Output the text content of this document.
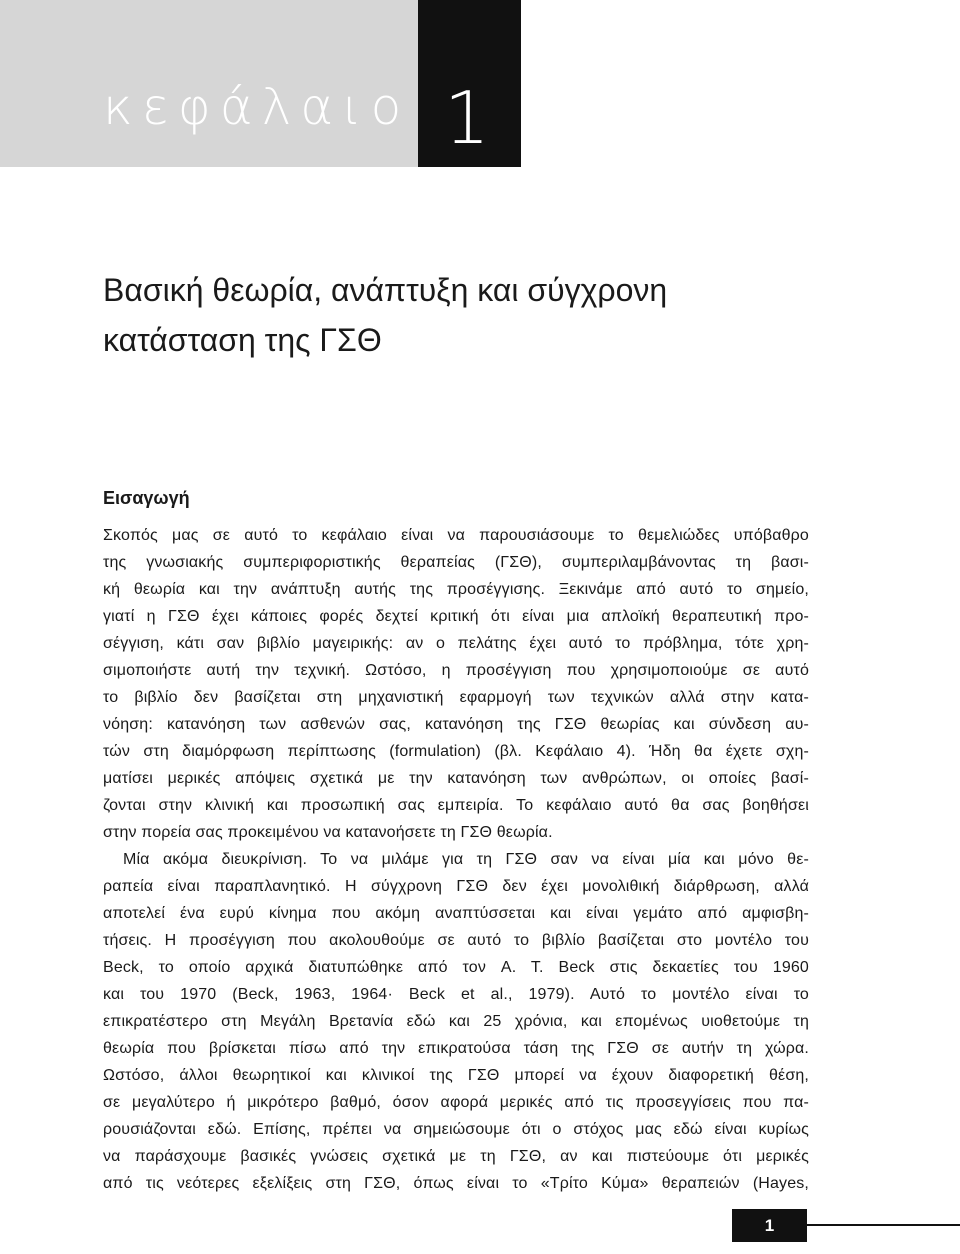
κεφάλαιο 1
Βασική θεωρία, ανάπτυξη και σύγχρονη
κατάσταση της ΓΣΘ
Εισαγωγή
Σκοπός μας σε αυτό το κεφάλαιο είναι να παρουσιάσουμε το θεμελιώδες υπόβαθρο
της γνωσιακής συμπεριφοριστικής θεραπείας (ΓΣΘ), συμπεριλαμβάνοντας τη βασι-
κή θεωρία και την ανάπτυξη αυτής της προσέγγισης. Ξεκινάμε από αυτό το σημείο,
γιατί η ΓΣΘ έχει κάποιες φορές δεχτεί κριτική ότι είναι μια απλοϊκή θεραπευτική προ-
σέγγιση, κάτι σαν βιβλίο μαγειρικής: αν ο πελάτης έχει αυτό το πρόβλημα, τότε χρη-
σιμοποιήστε αυτή την τεχνική. Ωστόσο, η προσέγγιση που χρησιμοποιούμε σε αυτό
το βιβλίο δεν βασίζεται στη μηχανιστική εφαρμογή των τεχνικών αλλά στην κατα-
νόηση: κατανόηση των ασθενών σας, κατανόηση της ΓΣΘ θεωρίας και σύνδεση αυ-
τών στη διαμόρφωση περίπτωσης (formulation) (βλ. Κεφάλαιο 4). Ήδη θα έχετε σχη-
ματίσει μερικές απόψεις σχετικά με την κατανόηση των ανθρώπων, οι οποίες βασί-
ζονται στην κλινική και προσωπική σας εμπειρία. Το κεφάλαιο αυτό θα σας βοηθήσει
στην πορεία σας προκειμένου να κατανοήσετε τη ΓΣΘ θεωρία.
Μία ακόμα διευκρίνιση. Το να μιλάμε για τη ΓΣΘ σαν να είναι μία και μόνο θε-
ραπεία είναι παραπλανητικό. Η σύγχρονη ΓΣΘ δεν έχει μονολιθική διάρθρωση, αλλά
αποτελεί ένα ευρύ κίνημα που ακόμη αναπτύσσεται και είναι γεμάτο από αμφισβη-
τήσεις. Η προσέγγιση που ακολουθούμε σε αυτό το βιβλίο βασίζεται στο μοντέλο του
Beck, το οποίο αρχικά διατυπώθηκε από τον A. T. Beck στις δεκαετίες του 1960
και του 1970 (Beck, 1963, 1964· Beck et al., 1979). Αυτό το μοντέλο είναι το
επικρατέστερο στη Μεγάλη Βρετανία εδώ και 25 χρόνια, και επομένως υιοθετούμε τη
θεωρία που βρίσκεται πίσω από την επικρατούσα τάση της ΓΣΘ σε αυτήν τη χώρα.
Ωστόσο, άλλοι θεωρητικοί και κλινικοί της ΓΣΘ μπορεί να έχουν διαφορετική θέση,
σε μεγαλύτερο ή μικρότερο βαθμό, όσον αφορά μερικές από τις προσεγγίσεις που πα-
ρουσιάζονται εδώ. Επίσης, πρέπει να σημειώσουμε ότι ο στόχος μας εδώ είναι κυρίως
να παράσχουμε βασικές γνώσεις σχετικά με τη ΓΣΘ, αν και πιστεύουμε ότι μερικές
από τις νεότερες εξελίξεις στη ΓΣΘ, όπως είναι το «Τρίτο Κύμα» θεραπειών (Hayes,
1
